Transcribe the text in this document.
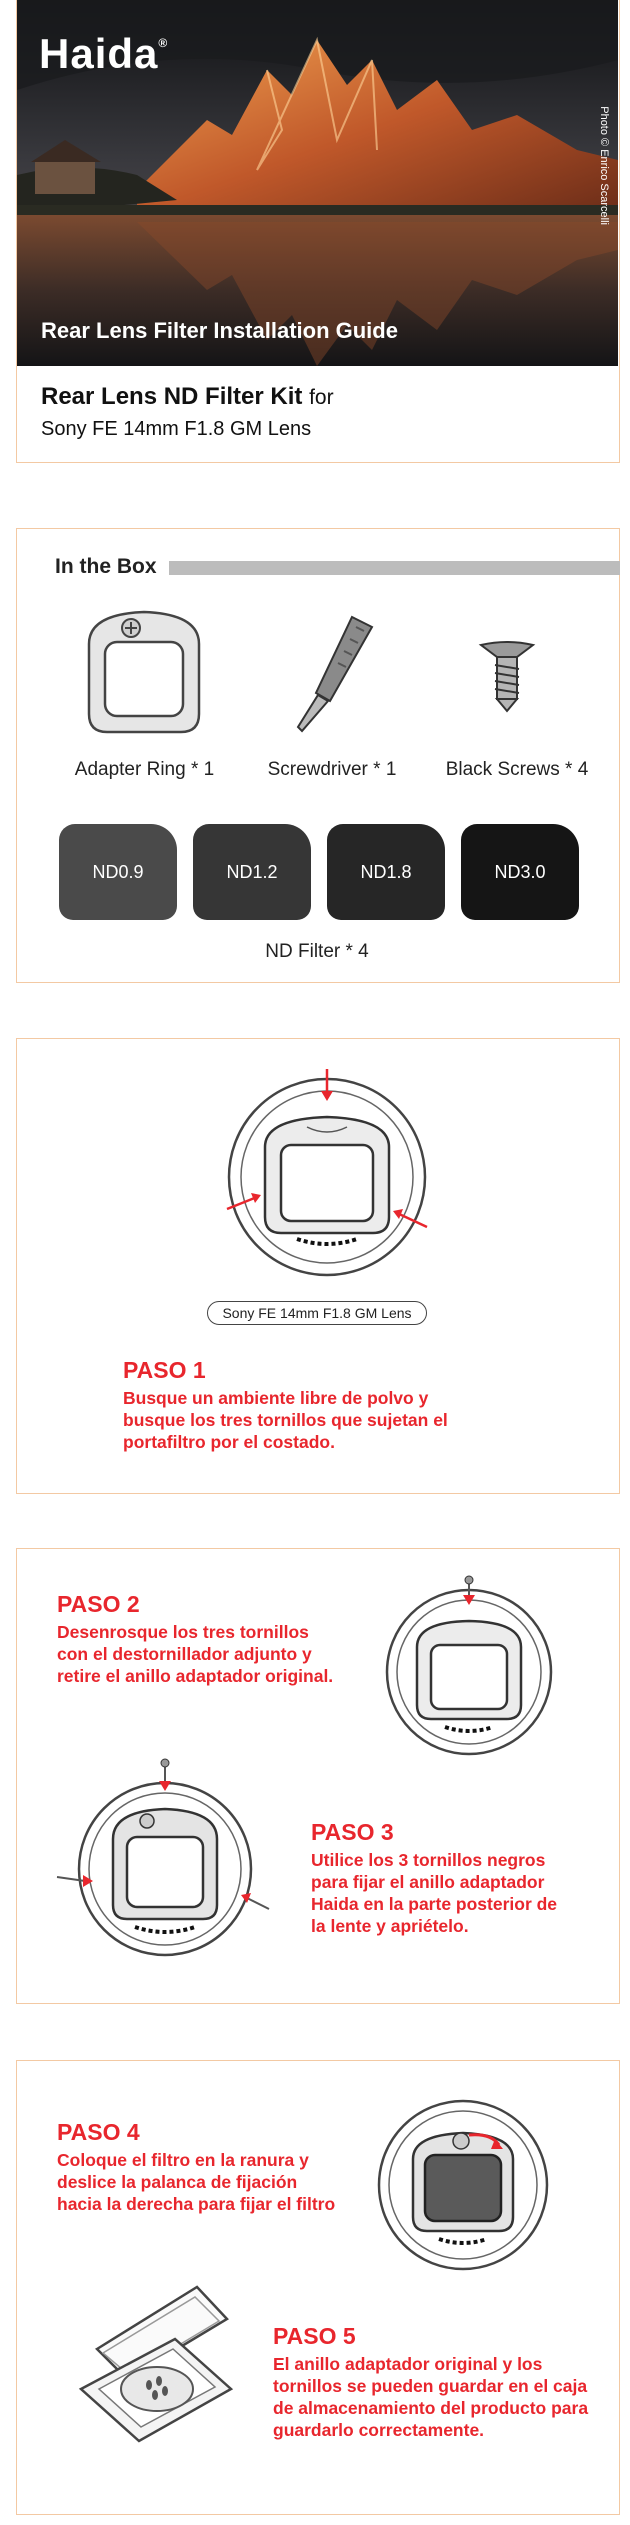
Haida®
Rear Lens Filter Installation Guide
Photo © Enrico Scarcelli
Rear Lens ND Filter Kit for
Sony FE 14mm F1.8 GM Lens
In the Box
Adapter Ring * 1	Screwdriver * 1	Black Screws * 4
ND0.9	ND1.2	ND1.8	ND3.0
ND Filter * 4
Sony FE 14mm F1.8 GM Lens
PASO 1
Busque un ambiente libre de polvo y
busque los tres tornillos que sujetan el
portafiltro por el costado.
PASO 2
Desenrosque los tres tornillos
con el destornillador adjunto y
retire el anillo adaptador original.
PASO 3
Utilice los 3 tornillos negros
para fijar el anillo adaptador
Haida en la parte posterior de
la lente y apriételo.
PASO 4
Coloque el filtro en la ranura y
deslice la palanca de fijación
hacia la derecha para fijar el filtro
PASO 5
El anillo adaptador original y los
tornillos se pueden guardar en el caja
de almacenamiento del producto para
guardarlo correctamente.
